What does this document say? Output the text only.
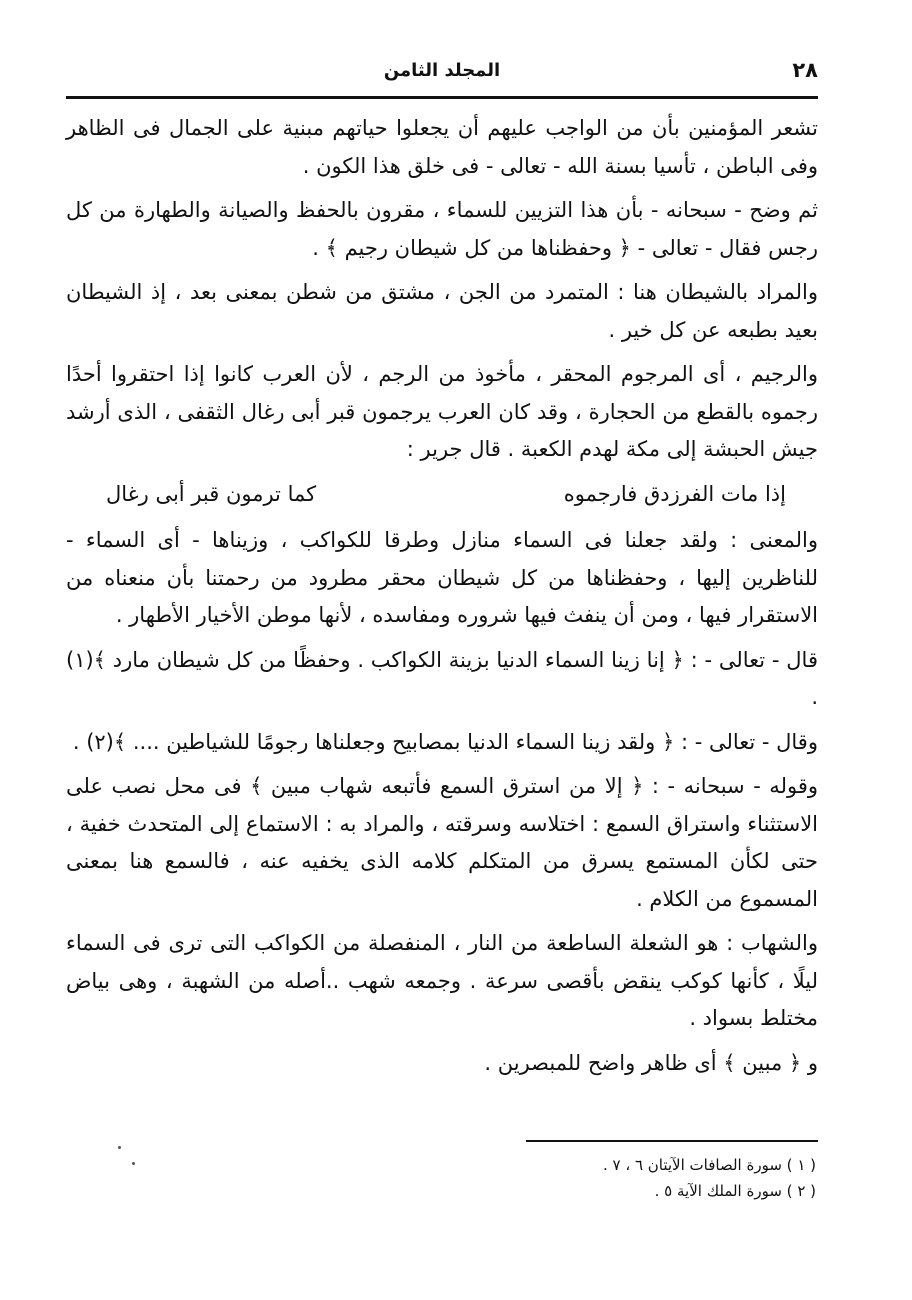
٢٨
المجلد الثامن

تشعر المؤمنين بأن من الواجب عليهم أن يجعلوا حياتهم مبنية على الجمال فى الظاهر وفى الباطن ، تأسيا بسنة الله - تعالى - فى خلق هذا الكون .

ثم وضح - سبحانه - بأن هذا التزيين للسماء ، مقرون بالحفظ والصيانة والطهارة من كل رجس فقال - تعالى - ﴿ وحفظناها من كل شيطان رجيم ﴾ .

والمراد بالشيطان هنا : المتمرد من الجن ، مشتق من شطن بمعنى بعد ، إذ الشيطان بعيد بطبعه عن كل خير .

والرجيم ، أى المرجوم المحقر ، مأخوذ من الرجم ، لأن العرب كانوا إذا احتقروا أحدًا رجموه بالقطع من الحجارة ، وقد كان العرب يرجمون قبر أبى رغال الثقفى ، الذى أرشد جيش الحبشة إلى مكة لهدم الكعبة . قال جرير :

إذا مات الفرزدق فارجموه
كما ترمون قبر أبى رغال

والمعنى : ولقد جعلنا فى السماء منازل وطرقا للكواكب ، وزيناها - أى السماء - للناظرين إليها ، وحفظناها من كل شيطان محقر مطرود من رحمتنا بأن منعناه من الاستقرار فيها ، ومن أن ينفث فيها شروره ومفاسده ، لأنها موطن الأخيار الأطهار .

قال - تعالى - : ﴿ إنا زينا السماء الدنيا بزينة الكواكب . وحفظًا من كل شيطان مارد ﴾(١) .

وقال - تعالى - : ﴿ ولقد زينا السماء الدنيا بمصابيح وجعلناها رجومًا للشياطين .... ﴾(٢) .

وقوله - سبحانه - : ﴿ إلا من استرق السمع فأتبعه شهاب مبين ﴾ فى محل نصب على الاستثناء واستراق السمع : اختلاسه وسرقته ، والمراد به : الاستماع إلى المتحدث خفية ، حتى لكأن المستمع يسرق من المتكلم كلامه الذى يخفيه عنه ، فالسمع هنا بمعنى المسموع من الكلام .

والشهاب : هو الشعلة الساطعة من النار ، المنفصلة من الكواكب التى ترى فى السماء ليلًا ، كأنها كوكب ينقض بأقصى سرعة . وجمعه شهب ..أصله من الشهبة ، وهى بياض مختلط بسواد .

و ﴿ مبين ﴾ أى ظاهر واضح للمبصرين .

( ١ ) سورة الصافات الآيتان ٦ ، ٧ .

( ٢ ) سورة الملك الآية ٥ .
